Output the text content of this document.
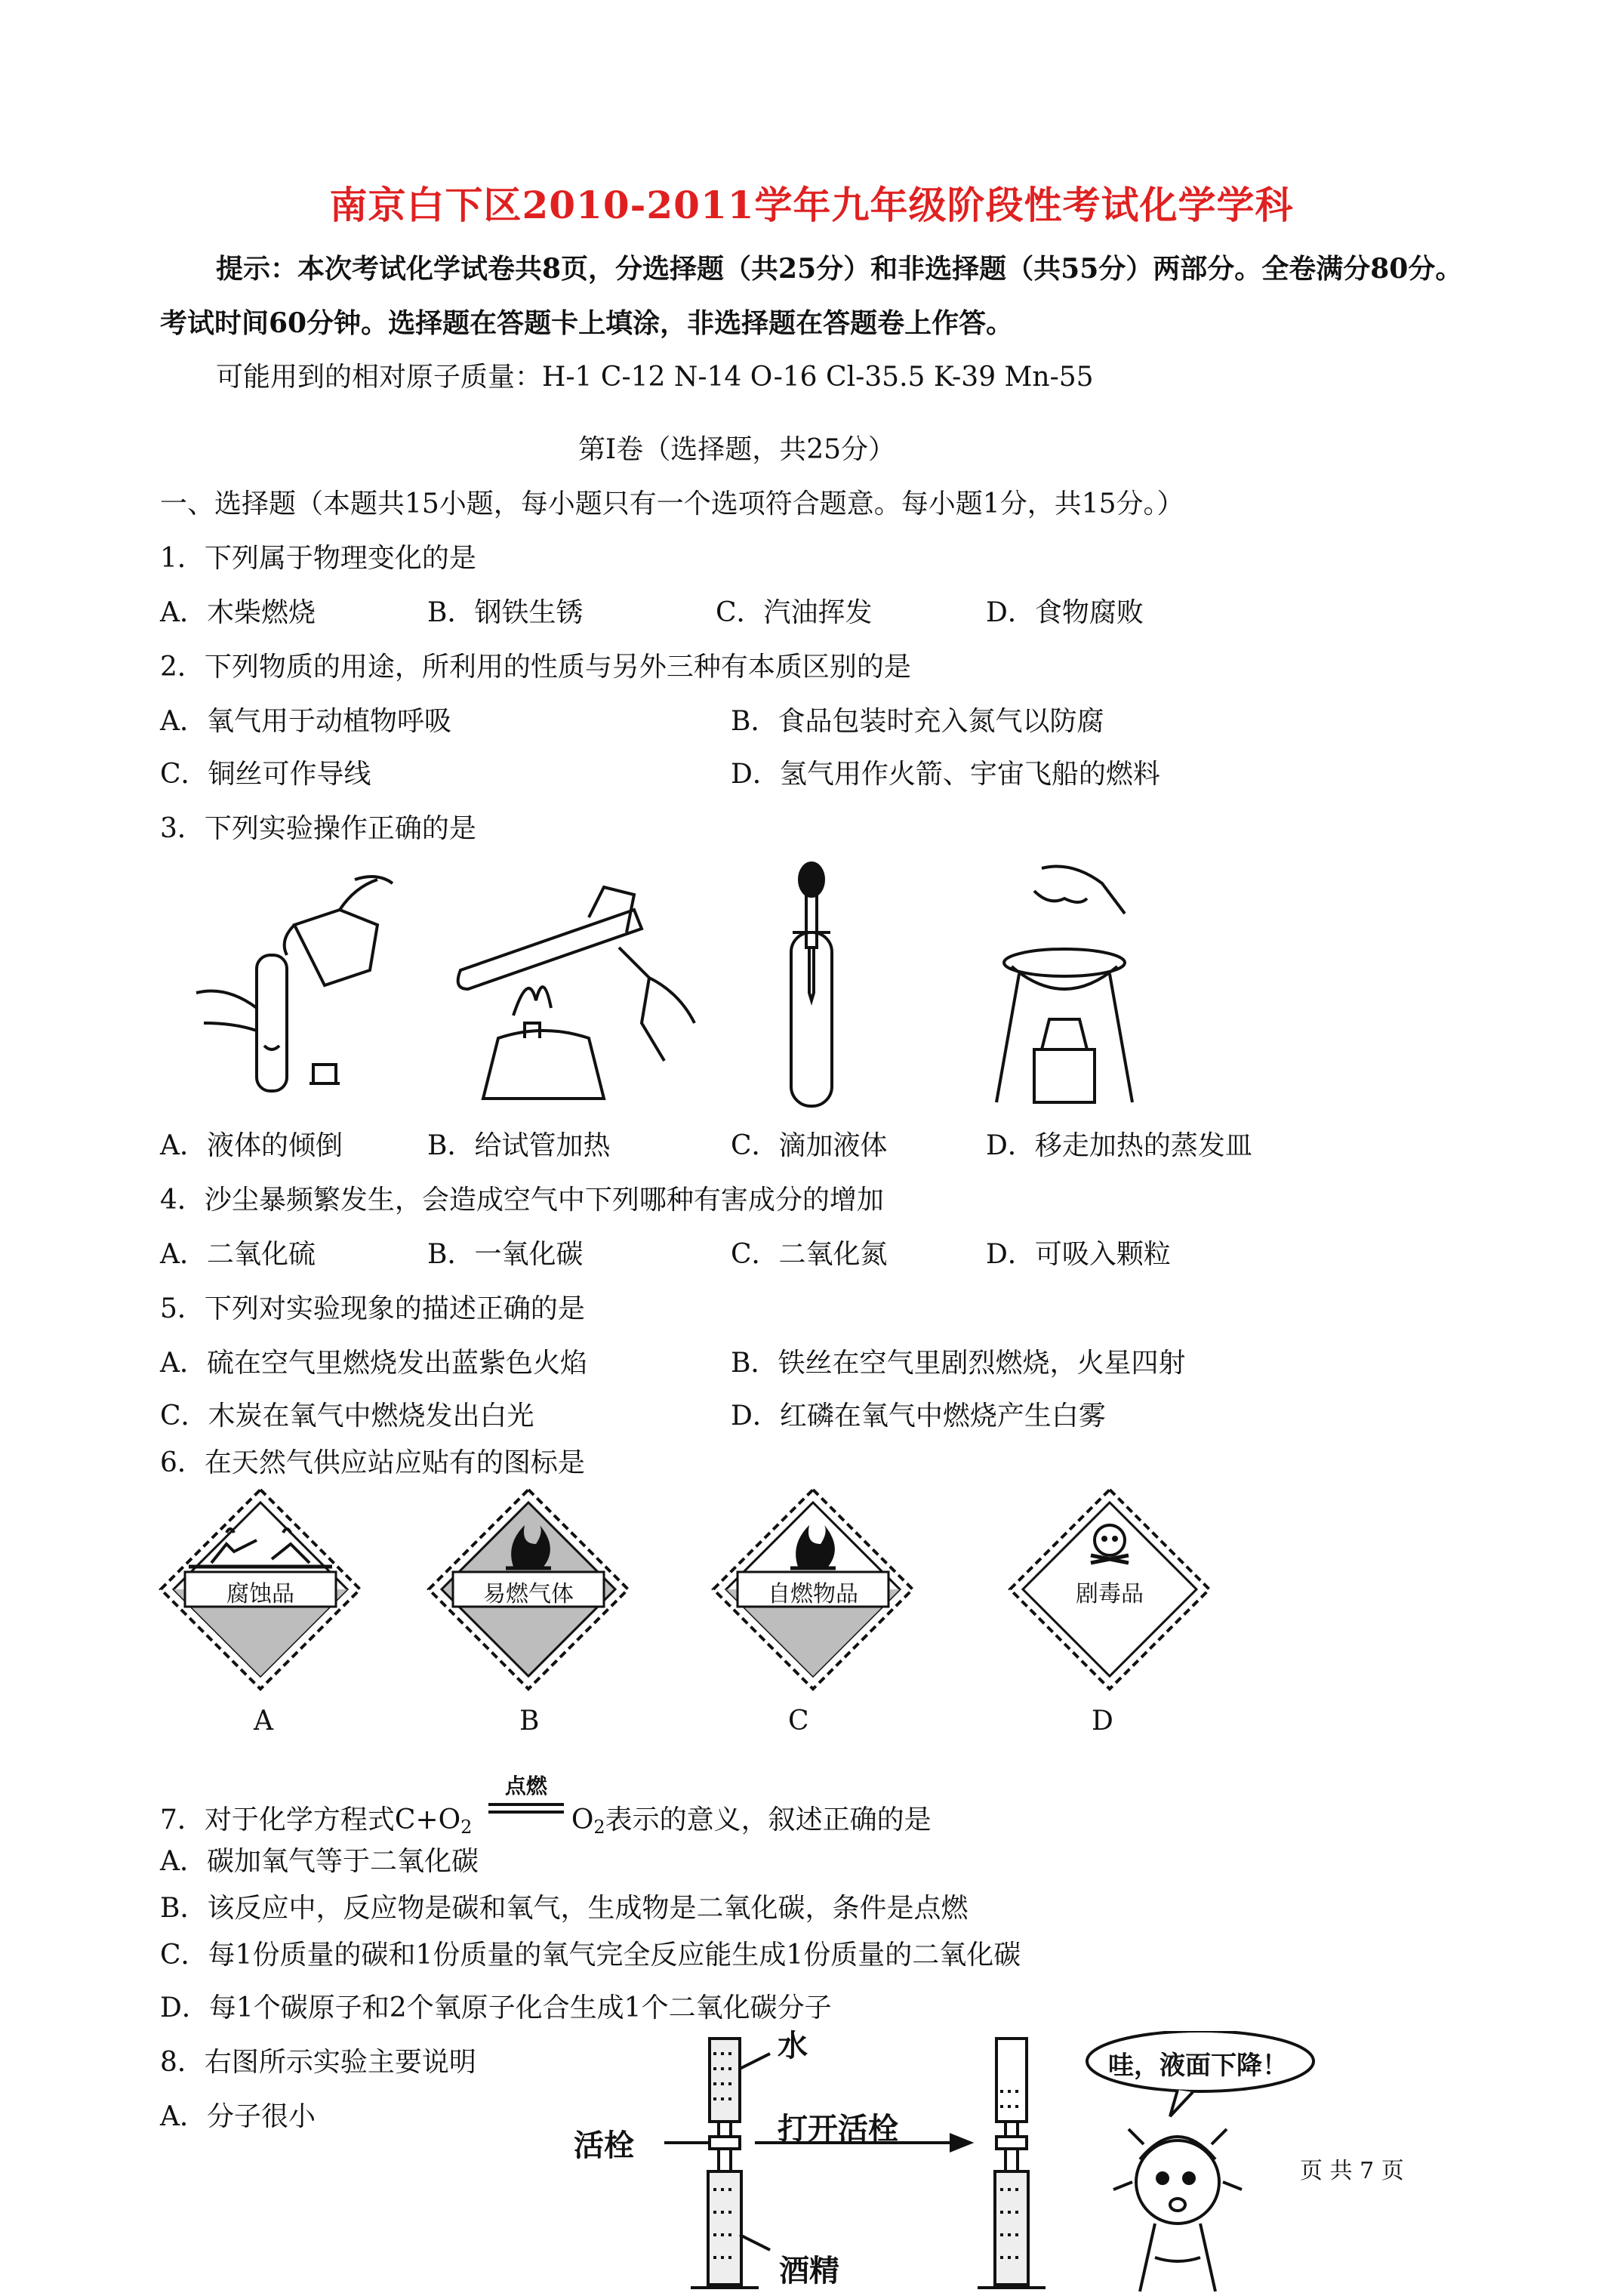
南京白下区2010-2011学年九年级阶段性考试化学学科
提示：本次考试化学试卷共8页，分选择题（共25分）和非选择题（共55分）两部分。全卷满分80分。
考试时间60分钟。选择题在答题卡上填涂，非选择题在答题卷上作答。
可能用到的相对原子质量：H-1 C-12 N-14 O-16 Cl-35.5 K-39 Mn-55
第Ⅰ卷（选择题，共25分）
一、选择题（本题共15小题，每小题只有一个选项符合题意。每小题1分，共15分。）
1．下列属于物理变化的是
A．木柴燃烧	B．钢铁生锈	C．汽油挥发	D．食物腐败
2．下列物质的用途，所利用的性质与另外三种有本质区别的是
A．氧气用于动植物呼吸	B．食品包装时充入氮气以防腐
C．铜丝可作导线	D．氢气用作火箭、宇宙飞船的燃料
3．下列实验操作正确的是
A．液体的倾倒	B．给试管加热	C．滴加液体	D．移走加热的蒸发皿
4．沙尘暴频繁发生，会造成空气中下列哪种有害成分的增加
A．二氧化硫	B．一氧化碳	C．二氧化氮	D．可吸入颗粒
5．下列对实验现象的描述正确的是
A．硫在空气里燃烧发出蓝紫色火焰	B．铁丝在空气里剧烈燃烧，火星四射
C．木炭在氧气中燃烧发出白光	D．红磷在氧气中燃烧产生白雾
6．在天然气供应站应贴有的图标是
腐蚀品	易燃气体	自燃物品	剧毒品
A	B	C	D
7．对于化学方程式$C+O_2$
点燃
$O_2$表示的意义，叙述正确的是
A．碳加氧气等于二氧化碳
B．该反应中，反应物是碳和氧气，生成物是二氧化碳，条件是点燃
C．每1份质量的碳和1份质量的氧气完全反应能生成1份质量的二氧化碳
D．每1个碳原子和2个氧原子化合生成1个二氧化碳分子
8．右图所示实验主要说明
A．分子很小
水
活栓	打开活栓
酒精
哇，液面下降！
页 共 7 页
